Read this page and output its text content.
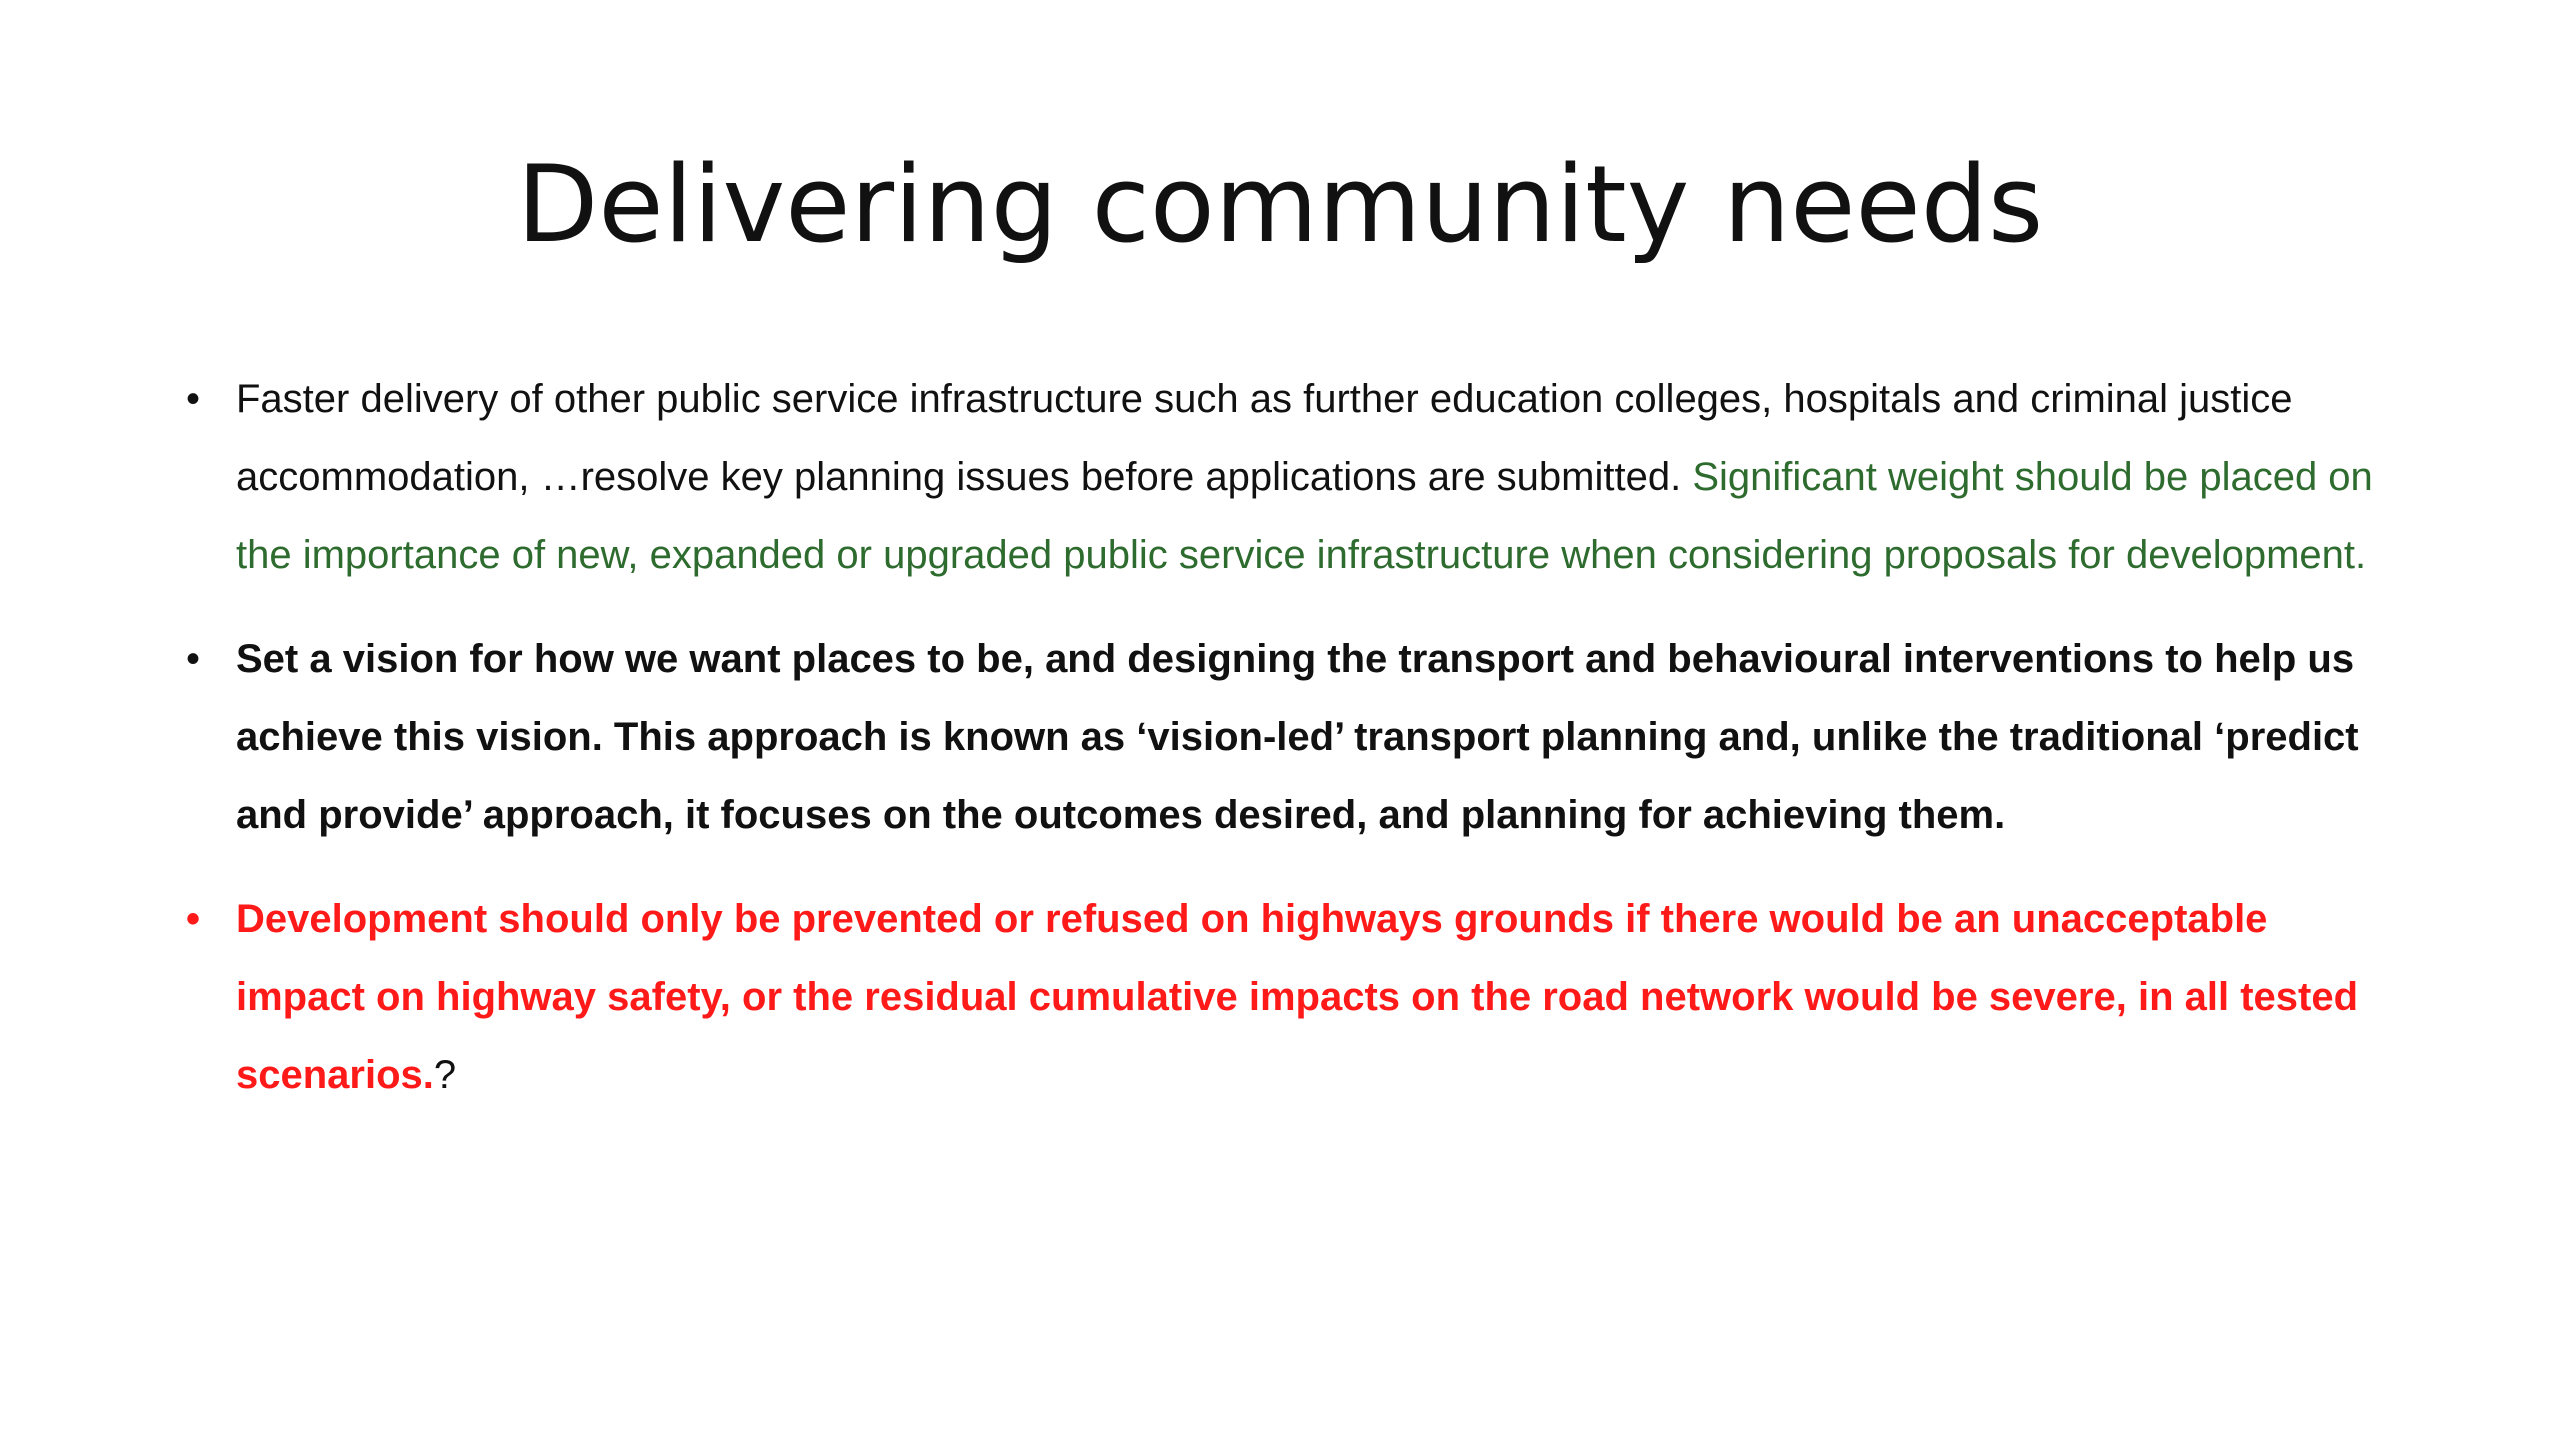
Delivering community needs
• Faster delivery of other public service infrastructure such as further education colleges, hospitals and criminal justice accommodation, …resolve key planning issues before applications are submitted. Significant weight should be placed on the importance of new, expanded or upgraded public service infrastructure when considering proposals for development.
• Set a vision for how we want places to be, and designing the transport and behavioural interventions to help us achieve this vision. This approach is known as ‘vision-led’ transport planning and, unlike the traditional ‘predict and provide’ approach, it focuses on the outcomes desired, and planning for achieving them.
• Development should only be prevented or refused on highways grounds if there would be an unacceptable impact on highway safety, or the residual cumulative impacts on the road network would be severe, in all tested scenarios.?
